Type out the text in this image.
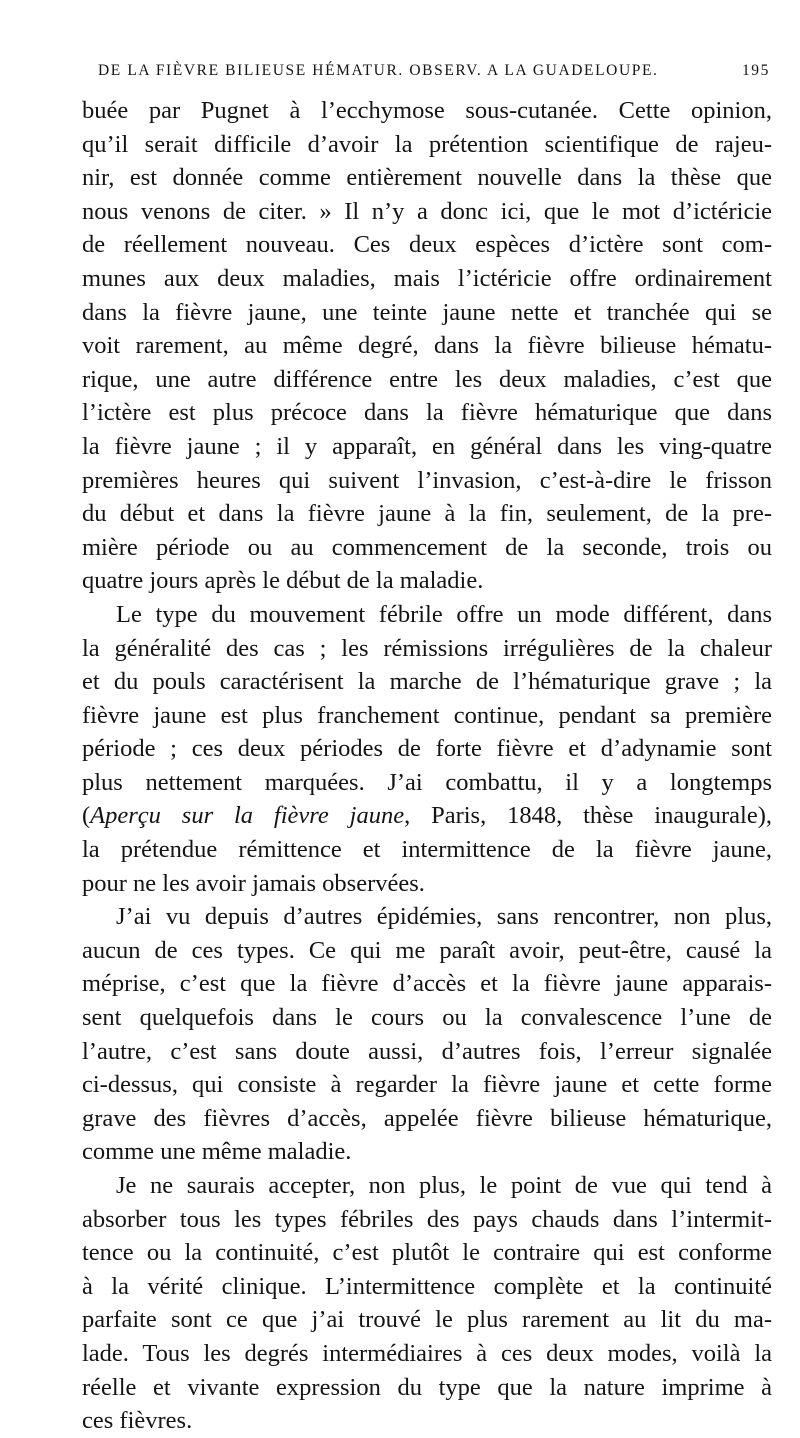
DE LA FIÈVRE BILIEUSE HÉMATUR. OBSERV. A LA GUADELOUPE.	195
buée par Pugnet à l’ecchymose sous-cutanée. Cette opinion,
qu’il serait difficile d’avoir la prétention scientifique de rajeu-
nir, est donnée comme entièrement nouvelle dans la thèse que
nous venons de citer. » Il n’y a donc ici, que le mot d’ictéricie
de réellement nouveau. Ces deux espèces d’ictère sont com-
munes aux deux maladies, mais l’ictéricie offre ordinairement
dans la fièvre jaune, une teinte jaune nette et tranchée qui se
voit rarement, au même degré, dans la fièvre bilieuse hématu-
rique, une autre différence entre les deux maladies, c’est que
l’ictère est plus précoce dans la fièvre hématurique que dans
la fièvre jaune ; il y apparaît, en général dans les ving-quatre
premières heures qui suivent l’invasion, c’est-à-dire le frisson
du début et dans la fièvre jaune à la fin, seulement, de la pre-
mière période ou au commencement de la seconde, trois ou
quatre jours après le début de la maladie.
Le type du mouvement fébrile offre un mode différent, dans
la généralité des cas ; les rémissions irrégulières de la chaleur
et du pouls caractérisent la marche de l’hématurique grave ; la
fièvre jaune est plus franchement continue, pendant sa première
période ; ces deux périodes de forte fièvre et d’adynamie sont
plus nettement marquées. J’ai combattu, il y a longtemps
(Aperçu sur la fièvre jaune, Paris, 1848, thèse inaugurale),
la prétendue rémittence et intermittence de la fièvre jaune,
pour ne les avoir jamais observées.
J’ai vu depuis d’autres épidémies, sans rencontrer, non plus,
aucun de ces types. Ce qui me paraît avoir, peut-être, causé la
méprise, c’est que la fièvre d’accès et la fièvre jaune apparais-
sent quelquefois dans le cours ou la convalescence l’une de
l’autre, c’est sans doute aussi, d’autres fois, l’erreur signalée
ci-dessus, qui consiste à regarder la fièvre jaune et cette forme
grave des fièvres d’accès, appelée fièvre bilieuse hématurique,
comme une même maladie.
Je ne saurais accepter, non plus, le point de vue qui tend à
absorber tous les types fébriles des pays chauds dans l’intermit-
tence ou la continuité, c’est plutôt le contraire qui est conforme
à la vérité clinique. L’intermittence complète et la continuité
parfaite sont ce que j’ai trouvé le plus rarement au lit du ma-
lade. Tous les degrés intermédiaires à ces deux modes, voilà la
réelle et vivante expression du type que la nature imprime à
ces fièvres.
